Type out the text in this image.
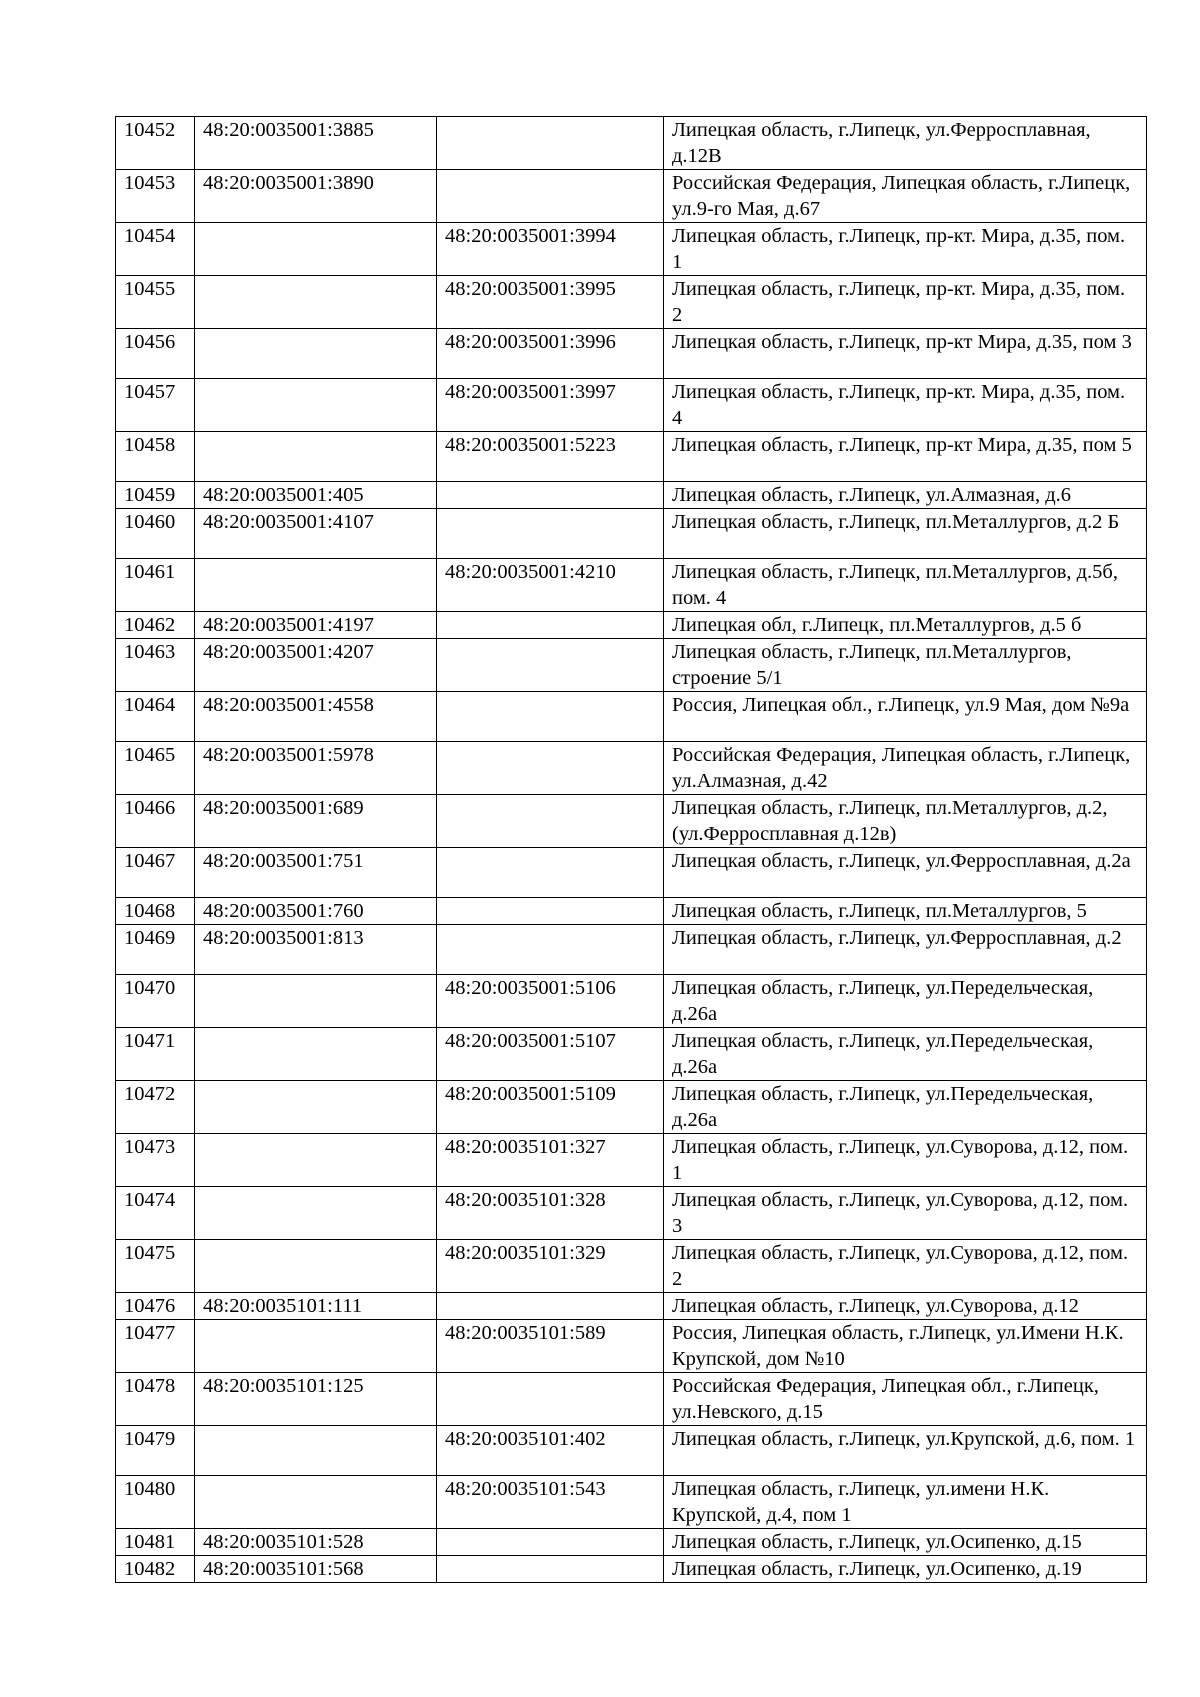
10452	48:20:0035001:3885		Липецкая область, г.Липецк, ул.Ферросплавная, д.12В
10453	48:20:0035001:3890		Российская Федерация, Липецкая область, г.Липецк, ул.9-го Мая, д.67
10454		48:20:0035001:3994	Липецкая область, г.Липецк, пр-кт. Мира, д.35, пом. 1
10455		48:20:0035001:3995	Липецкая область, г.Липецк, пр-кт. Мира, д.35, пом. 2
10456		48:20:0035001:3996	Липецкая область, г.Липецк, пр-кт Мира, д.35, пом 3
10457		48:20:0035001:3997	Липецкая область, г.Липецк, пр-кт. Мира, д.35, пом. 4
10458		48:20:0035001:5223	Липецкая область, г.Липецк, пр-кт Мира, д.35, пом 5
10459	48:20:0035001:405		Липецкая область, г.Липецк, ул.Алмазная, д.6
10460	48:20:0035001:4107		Липецкая область, г.Липецк, пл.Металлургов, д.2 Б
10461		48:20:0035001:4210	Липецкая область, г.Липецк, пл.Металлургов, д.5б, пом. 4
10462	48:20:0035001:4197		Липецкая обл, г.Липецк, пл.Металлургов, д.5 б
10463	48:20:0035001:4207		Липецкая область, г.Липецк, пл.Металлургов, строение 5/1
10464	48:20:0035001:4558		Россия, Липецкая обл., г.Липецк, ул.9 Мая, дом №9а
10465	48:20:0035001:5978		Российская Федерация, Липецкая область, г.Липецк, ул.Алмазная, д.42
10466	48:20:0035001:689		Липецкая область, г.Липецк, пл.Металлургов, д.2, (ул.Ферросплавная д.12в)
10467	48:20:0035001:751		Липецкая область, г.Липецк, ул.Ферросплавная, д.2а
10468	48:20:0035001:760		Липецкая область, г.Липецк, пл.Металлургов, 5
10469	48:20:0035001:813		Липецкая область, г.Липецк, ул.Ферросплавная, д.2
10470		48:20:0035001:5106	Липецкая область, г.Липецк, ул.Передельческая, д.26а
10471		48:20:0035001:5107	Липецкая область, г.Липецк, ул.Передельческая, д.26а
10472		48:20:0035001:5109	Липецкая область, г.Липецк, ул.Передельческая, д.26а
10473		48:20:0035101:327	Липецкая область, г.Липецк, ул.Суворова, д.12, пом. 1
10474		48:20:0035101:328	Липецкая область, г.Липецк, ул.Суворова, д.12, пом. 3
10475		48:20:0035101:329	Липецкая область, г.Липецк, ул.Суворова, д.12, пом. 2
10476	48:20:0035101:111		Липецкая область, г.Липецк, ул.Суворова, д.12
10477		48:20:0035101:589	Россия, Липецкая область, г.Липецк, ул.Имени Н.К. Крупской, дом №10
10478	48:20:0035101:125		Российская Федерация, Липецкая обл., г.Липецк, ул.Невского, д.15
10479		48:20:0035101:402	Липецкая область, г.Липецк, ул.Крупской, д.6, пом. 1
10480		48:20:0035101:543	Липецкая область, г.Липецк, ул.имени Н.К. Крупской, д.4, пом 1
10481	48:20:0035101:528		Липецкая область, г.Липецк, ул.Осипенко, д.15
10482	48:20:0035101:568		Липецкая область, г.Липецк, ул.Осипенко, д.19
